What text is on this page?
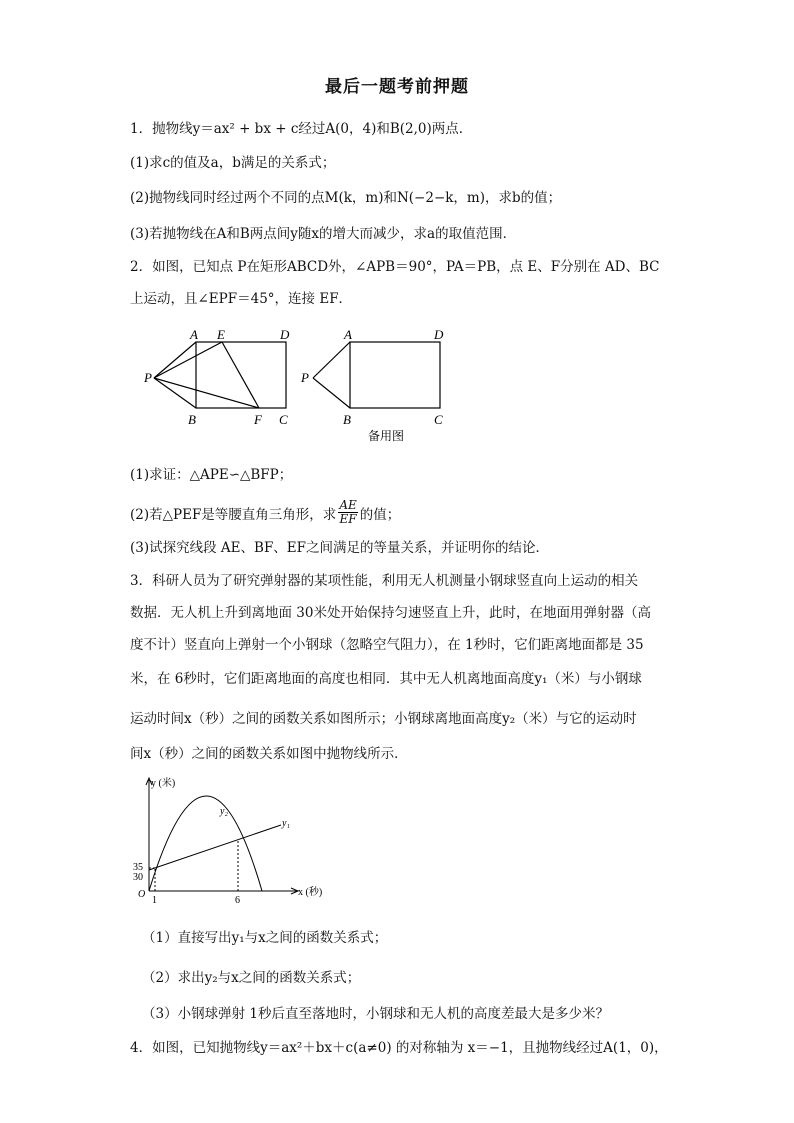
最后一题考前押题
1．抛物线y＝ax² + bx + c经过A(0，4)和B(2,0)两点．
(1)求c的值及a，b满足的关系式；
(2)抛物线同时经过两个不同的点M(k，m)和N(−2−k，m)，求b的值；
(3)若抛物线在A和B两点间y随x的增大而减少，求a的取值范围．
2．如图，已知点 P在矩形ABCD外，∠APB＝90°，PA＝PB，点 E、F分别在 AD、BC
上运动，且∠EPF＝45°，连接 EF．
A E	D
P
B	F C
A	D
P
B	C
备用图
(1)求证：△APE∽△BFP；
(2)若△PEF是等腰直角三角形，求 $\frac{AE}{EF}$ 的值；
(3)试探究线段 AE、BF、EF之间满足的等量关系，并证明你的结论．
3．科研人员为了研究弹射器的某项性能，利用无人机测量小钢球竖直向上运动的相关
数据．无人机上升到离地面 30米处开始保持匀速竖直上升，此时，在地面用弹射器（高
度不计）竖直向上弹射一个小钢球（忽略空气阻力），在 1秒时，它们距离地面都是 35
米，在 6秒时，它们距离地面的高度也相同．其中无人机离地面高度y₁（米）与小钢球
运动时间x（秒）之间的函数关系如图所示；小钢球离地面高度y₂（米）与它的运动时
间x（秒）之间的函数关系如图中抛物线所示．
y (米)
x (秒)
O
35
30
1	6
y₁
y₂
（1）直接写出y₁与x之间的函数关系式；
（2）求出y₂与x之间的函数关系式；
（3）小钢球弹射 1秒后直至落地时，小钢球和无人机的高度差最大是多少米？
4．如图，已知抛物线y＝ax²＋bx＋c(a≠0) 的对称轴为 x＝−1，且抛物线经过A(1，0)，
